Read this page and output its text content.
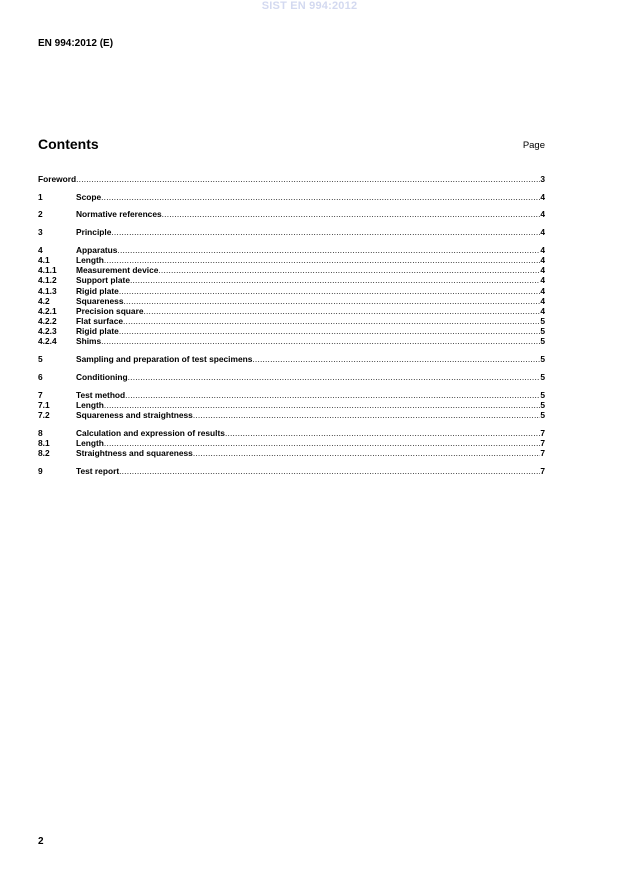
SIST EN 994:2012
EN 994:2012 (E)
Contents	Page
Foreword .....	3
1	Scope .....	4
2	Normative references .....	4
3	Principle .....	4
4	Apparatus .....	4
4.1	Length .....	4
4.1.1	Measurement device .....	4
4.1.2	Support plate .....	4
4.1.3	Rigid plate .....	4
4.2	Squareness .....	4
4.2.1	Precision square .....	4
4.2.2	Flat surface .....	5
4.2.3	Rigid plate .....	5
4.2.4	Shims .....	5
5	Sampling and preparation of test specimens .....	5
6	Conditioning .....	5
7	Test method .....	5
7.1	Length .....	5
7.2	Squareness and straightness .....	5
8	Calculation and expression of results .....	7
8.1	Length .....	7
8.2	Straightness and squareness .....	7
9	Test report .....	7
2
